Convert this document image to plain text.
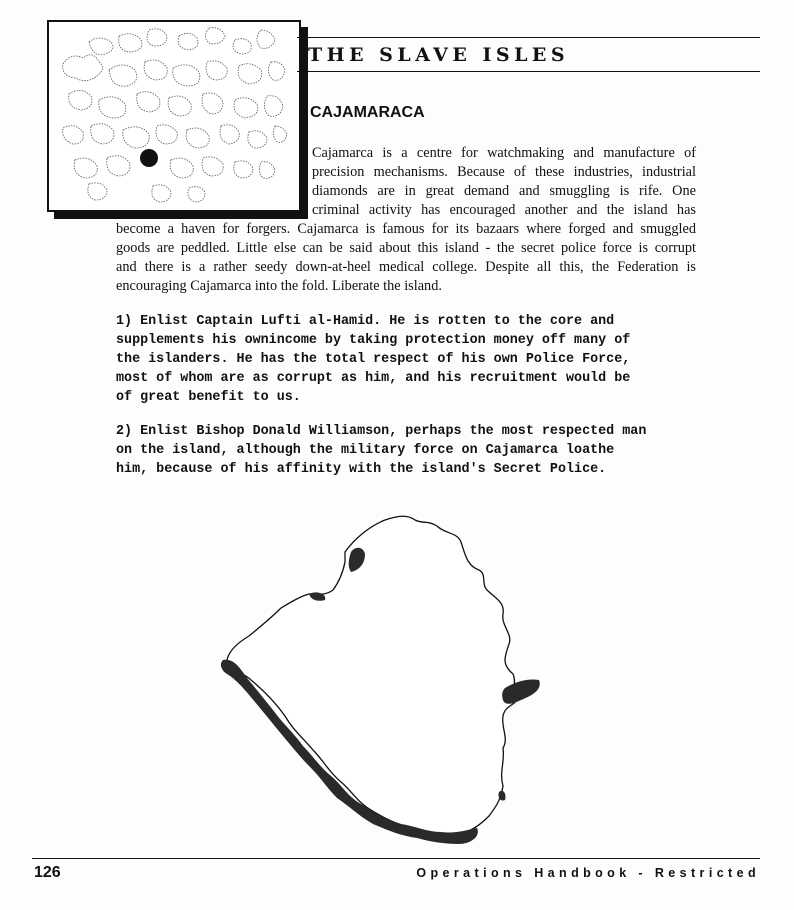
THE SLAVE ISLES
CAJAMARACA
Cajamarca is a centre for watchmaking and manufacture of
precision mechanisms. Because of these industries, industrial
diamonds are in great demand and smuggling is rife. One
criminal activity has encouraged another and the island has
become a haven for forgers. Cajamarca is famous for its bazaars where forged and smuggled
goods are peddled. Little else can be said about this island - the secret police force is corrupt
and there is a rather seedy down-at-heel medical college. Despite all this, the Federation is
encouraging Cajamarca into the fold. Liberate the island.

1) Enlist Captain Lufti al-Hamid. He is rotten to the core and
supplements his ownincome by taking protection money off many of
the islanders. He has the total respect of his own Police Force,
most of whom are as corrupt as him, and his recruitment would be
of great benefit to us.

2) Enlist Bishop Donald Williamson, perhaps the most respected man
on the island, although the military force on Cajamarca loathe
him, because of his affinity with the island's Secret Police.

126	Operations Handbook - Restricted
